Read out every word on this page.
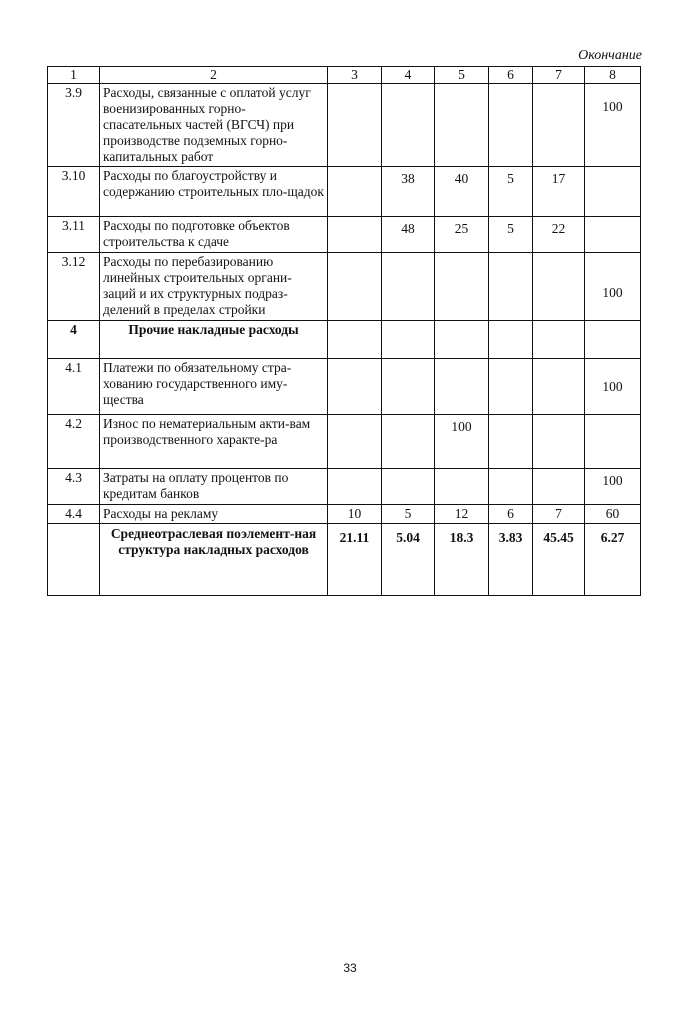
Окончание
1	2	3	4	5	6	7	8
3.9	Расходы, связанные с оплатой услуг военизированных горно-спасательных частей (ВГСЧ) при производстве подземных горно-капитальных работ						100
3.10	Расходы по благоустройству и содержанию строительных пло-щадок		38	40	5	17	
3.11	Расходы по подготовке объектов строительства к сдаче		48	25	5	22	
3.12	Расходы по перебазированию линейных строительных органи-заций и их структурных подраз-делений в пределах стройки						100
4	Прочие накладные расходы						
4.1	Платежи по обязательному стра-хованию государственного иму-щества						100
4.2	Износ по нематериальным акти-вам производственного характе-ра			100			
4.3	Затраты на оплату процентов по кредитам банков						100
4.4	Расходы на рекламу	10	5	12	6	7	60
	Среднеотраслевая поэлемент-ная структура накладных расходов	21.11	5.04	18.3	3.83	45.45	6.27
33
